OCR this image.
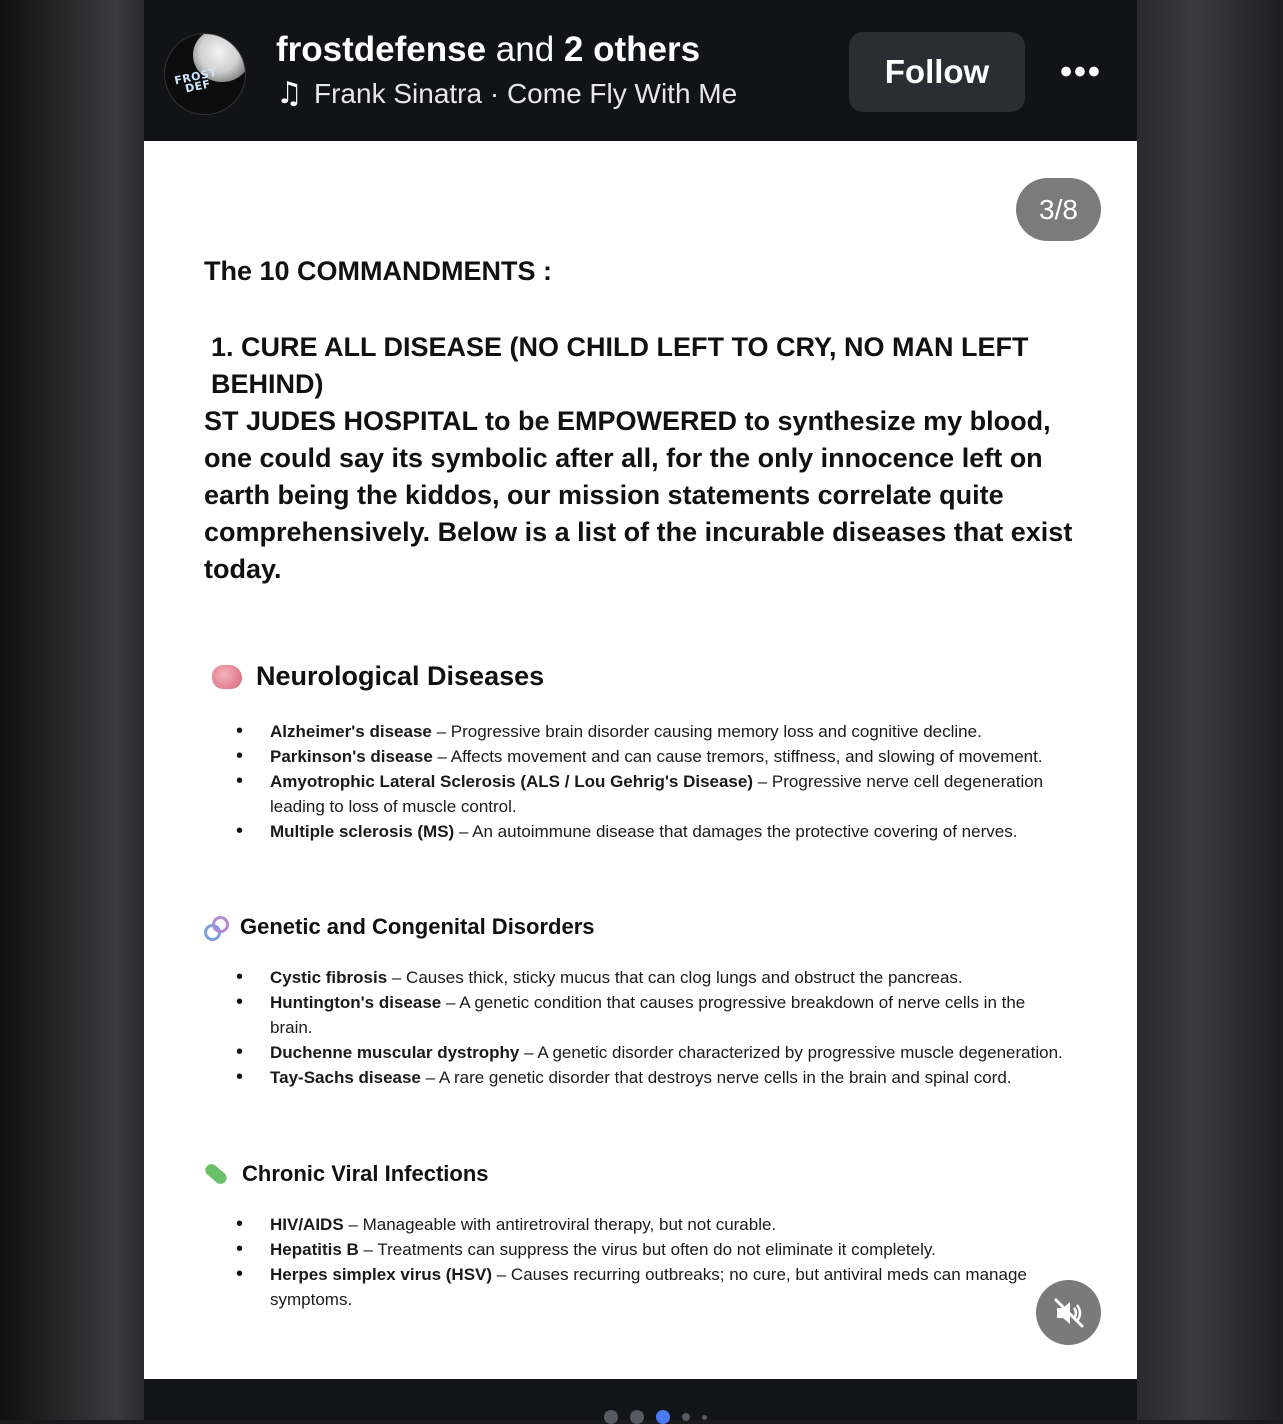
FROST DEF
frostdefense and 2 others
♫ Frank Sinatra · Come Fly With Me
Follow	•••
3/8
The 10 COMMANDMENTS :
1. CURE ALL DISEASE (NO CHILD LEFT TO CRY, NO MAN LEFT BEHIND)
ST JUDES HOSPITAL to be EMPOWERED to synthesize my blood, one could say its symbolic after all, for the only innocence left on earth being the kiddos, our mission statements correlate quite comprehensively. Below is a list of the incurable diseases that exist today.
Neurological Diseases
• Alzheimer's disease – Progressive brain disorder causing memory loss and cognitive decline.
• Parkinson's disease – Affects movement and can cause tremors, stiffness, and slowing of movement.
• Amyotrophic Lateral Sclerosis (ALS / Lou Gehrig's Disease) – Progressive nerve cell degeneration leading to loss of muscle control.
• Multiple sclerosis (MS) – An autoimmune disease that damages the protective covering of nerves.
Genetic and Congenital Disorders
• Cystic fibrosis – Causes thick, sticky mucus that can clog lungs and obstruct the pancreas.
• Huntington's disease – A genetic condition that causes progressive breakdown of nerve cells in the brain.
• Duchenne muscular dystrophy – A genetic disorder characterized by progressive muscle degeneration.
• Tay-Sachs disease – A rare genetic disorder that destroys nerve cells in the brain and spinal cord.
Chronic Viral Infections
• HIV/AIDS – Manageable with antiretroviral therapy, but not curable.
• Hepatitis B – Treatments can suppress the virus but often do not eliminate it completely.
• Herpes simplex virus (HSV) – Causes recurring outbreaks; no cure, but antiviral meds can manage symptoms.
